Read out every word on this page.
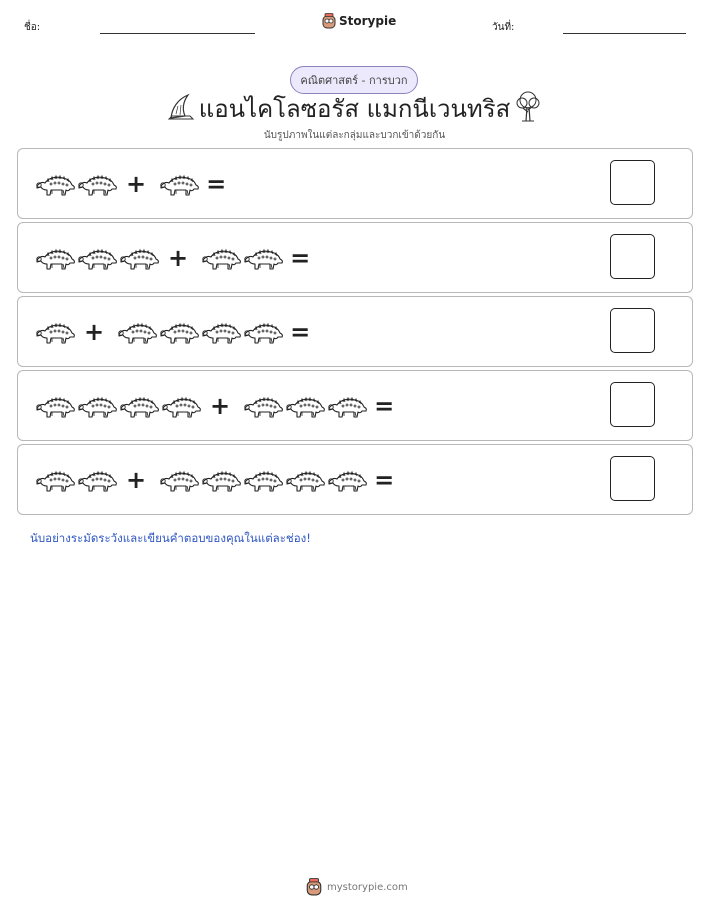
ชื่อ:	Storypie	วันที่:
คณิตศาสตร์ - การบวก
แอนไคโลซอรัส แมกนีเวนทริส
นับรูปภาพในแต่ละกลุ่มและบวกเข้าด้วยกัน
+	=
+	=
+	=
+	=
+	=
นับอย่างระมัดระวังและเขียนคำตอบของคุณในแต่ละช่อง!
mystorypie.com
